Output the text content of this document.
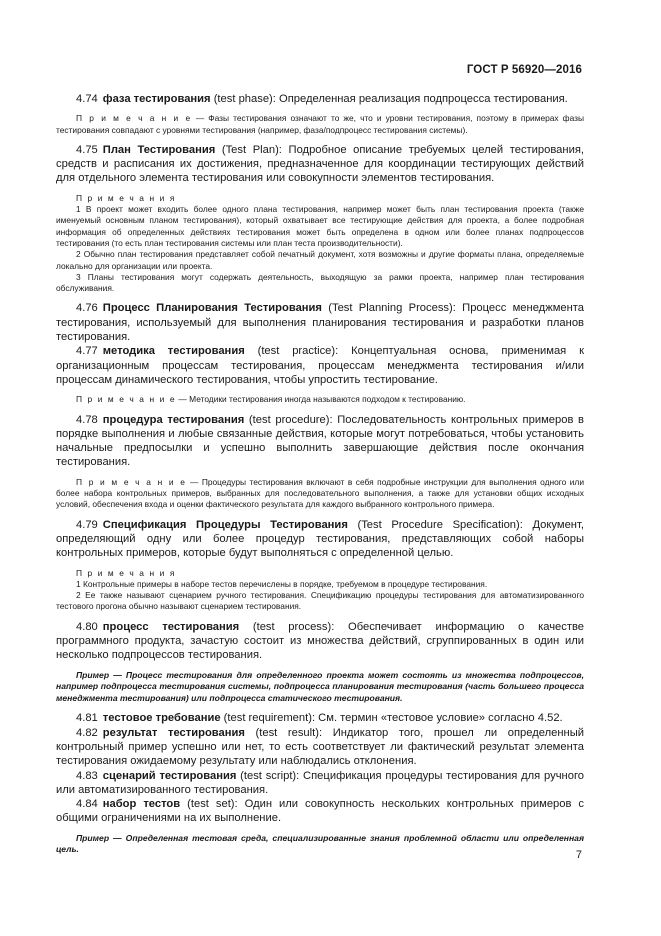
ГОСТ Р 56920—2016

4.74 фаза тестирования (test phase): Определенная реализация подпроцесса тестирования.

П р и м е ч а н и е — Фазы тестирования означают то же, что и уровни тестирования, поэтому в примерах фазы тестирования совпадают с уровнями тестирования (например, фаза/подпроцесс тестирования системы).

4.75 План Тестирования (Test Plan): Подробное описание требуемых целей тестирования, средств и расписания их достижения, предназначенное для координации тестирующих действий для отдельного элемента тестирования или совокупности элементов тестирования.

П р и м е ч а н и я

1 В проект может входить более одного плана тестирования, например может быть план тестирования проекта (также именуемый основным планом тестирования), который охватывает все тестирующие действия для проекта, а более подробная информация об определенных действиях тестирования может быть определена в одном или более планах подпроцессов тестирования (то есть план тестирования системы или план теста производительности).

2 Обычно план тестирования представляет собой печатный документ, хотя возможны и другие форматы плана, определяемые локально для организации или проекта.

3 Планы тестирования могут содержать деятельность, выходящую за рамки проекта, например план тестирования обслуживания.

4.76 Процесс Планирования Тестирования (Test Planning Process): Процесс менеджмента тестирования, используемый для выполнения планирования тестирования и разработки планов тестирования.

4.77 методика тестирования (test practice): Концептуальная основа, применимая к организационным процессам тестирования, процессам менеджмента тестирования и/или процессам динамического тестирования, чтобы упростить тестирование.

П р и м е ч а н и е — Методики тестирования иногда называются подходом к тестированию.

4.78 процедура тестирования (test procedure): Последовательность контрольных примеров в порядке выполнения и любые связанные действия, которые могут потребоваться, чтобы установить начальные предпосылки и успешно выполнить завершающие действия после окончания тестирования.

П р и м е ч а н и е — Процедуры тестирования включают в себя подробные инструкции для выполнения одного или более набора контрольных примеров, выбранных для последовательного выполнения, а также для установки общих исходных условий, обеспечения входа и оценки фактического результата для каждого выбранного контрольного примера.

4.79 Спецификация Процедуры Тестирования (Test Procedure Specification): Документ, определяющий одну или более процедур тестирования, представляющих собой наборы контрольных примеров, которые будут выполняться с определенной целью.

П р и м е ч а н и я

1 Контрольные примеры в наборе тестов перечислены в порядке, требуемом в процедуре тестирования.

2 Ее также называют сценарием ручного тестирования. Спецификацию процедуры тестирования для автоматизированного тестового прогона обычно называют сценарием тестирования.

4.80 процесс тестирования (test process): Обеспечивает информацию о качестве программного продукта, зачастую состоит из множества действий, сгруппированных в один или несколько подпроцессов тестирования.

Пример — Процесс тестирования для определенного проекта может состоять из множества подпроцессов, например подпроцесса тестирования системы, подпроцесса планирования тестирования (часть большего процесса менеджмента тестирования) или подпроцесса статического тестирования.

4.81 тестовое требование (test requirement): См. термин «тестовое условие» согласно 4.52.

4.82 результат тестирования (test result): Индикатор того, прошел ли определенный контрольный пример успешно или нет, то есть соответствует ли фактический результат элемента тестирования ожидаемому результату или наблюдались отклонения.

4.83 сценарий тестирования (test script): Спецификация процедуры тестирования для ручного или автоматизированного тестирования.

4.84 набор тестов (test set): Один или совокупность нескольких контрольных примеров с общими ограничениями на их выполнение.

Пример — Определенная тестовая среда, специализированные знания проблемной области или определенная цель.	7
